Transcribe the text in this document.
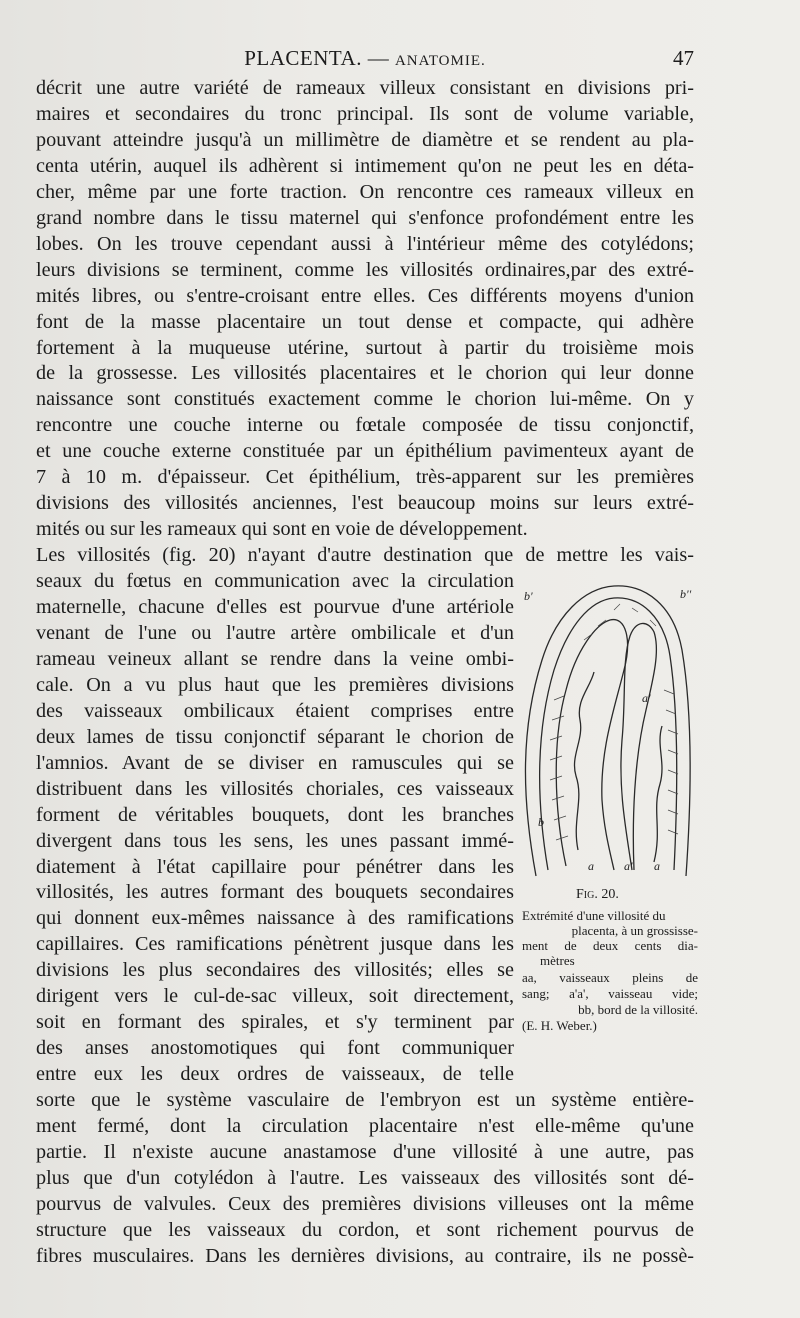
PLACENTA. — ANATOMIE.	47
décrit une autre variété de rameaux villeux consistant en divisions pri-
maires et secondaires du tronc principal. Ils sont de volume variable,
pouvant atteindre jusqu'à un millimètre de diamètre et se rendent au pla-
centa utérin, auquel ils adhèrent si intimement qu'on ne peut les en déta-
cher, même par une forte traction. On rencontre ces rameaux villeux en
grand nombre dans le tissu maternel qui s'enfonce profondément entre les
lobes. On les trouve cependant aussi à l'intérieur même des cotylédons;
leurs divisions se terminent, comme les villosités ordinaires,par des extré-
mités libres, ou s'entre-croisant entre elles. Ces différents moyens d'union
font de la masse placentaire un tout dense et compacte, qui adhère
fortement à la muqueuse utérine, surtout à partir du troisième mois
de la grossesse. Les villosités placentaires et le chorion qui leur donne
naissance sont constitués exactement comme le chorion lui-même. On y
rencontre une couche interne ou fœtale composée de tissu conjonctif,
et une couche externe constituée par un épithélium pavimenteux ayant de
7 à 10 m. d'épaisseur. Cet épithélium, très-apparent sur les premières
divisions des villosités anciennes, l'est beaucoup moins sur leurs extré-
mités ou sur les rameaux qui sont en voie de développement.
Les villosités (fig. 20) n'ayant d'autre destination que de mettre les vais-
seaux du fœtus en communication avec la circulation
maternelle, chacune d'elles est pourvue d'une artériole
venant de l'une ou l'autre artère ombilicale et d'un
rameau veineux allant se rendre dans la veine ombi-
cale. On a vu plus haut que les premières divisions
des vaisseaux ombilicaux étaient comprises entre
deux lames de tissu conjonctif séparant le chorion de
l'amnios. Avant de se diviser en ramuscules qui se
distribuent dans les villosités choriales, ces vaisseaux
forment de véritables bouquets, dont les branches
divergent dans tous les sens, les unes passant immé-
diatement à l'état capillaire pour pénétrer dans les
villosités, les autres formant des bouquets secondaires
qui donnent eux-mêmes naissance à des ramifications
capillaires. Ces ramifications pénètrent jusque dans les
divisions les plus secondaires des villosités; elles se
dirigent vers le cul-de-sac villeux, soit directement,
soit en formant des spirales, et s'y terminent par
des anses anostomotiques qui font communiquer
entre eux les deux ordres de vaisseaux, de telle
sorte que le système vasculaire de l'embryon est un système entière-
ment fermé, dont la circulation placentaire n'est elle-même qu'une
partie. Il n'existe aucune anastamose d'une villosité à une autre, pas
plus que d'un cotylédon à l'autre. Les vaisseaux des villosités sont dé-
pourvus de valvules. Ceux des premières divisions villeuses ont la même
structure que les vaisseaux du cordon, et sont richement pourvus de
fibres musculaires. Dans les dernières divisions, au contraire, ils ne possè-
b'	b''
a'
b
a	a' a
Fig. 20.
Extrémité d'une villosité du
placenta, à un grossisse-
ment de deux cents dia-
mètres
aa, vaisseaux pleins de
sang; a'a', vaisseau vide;
bb, bord de la villosité.
(E. H. Weber.)
